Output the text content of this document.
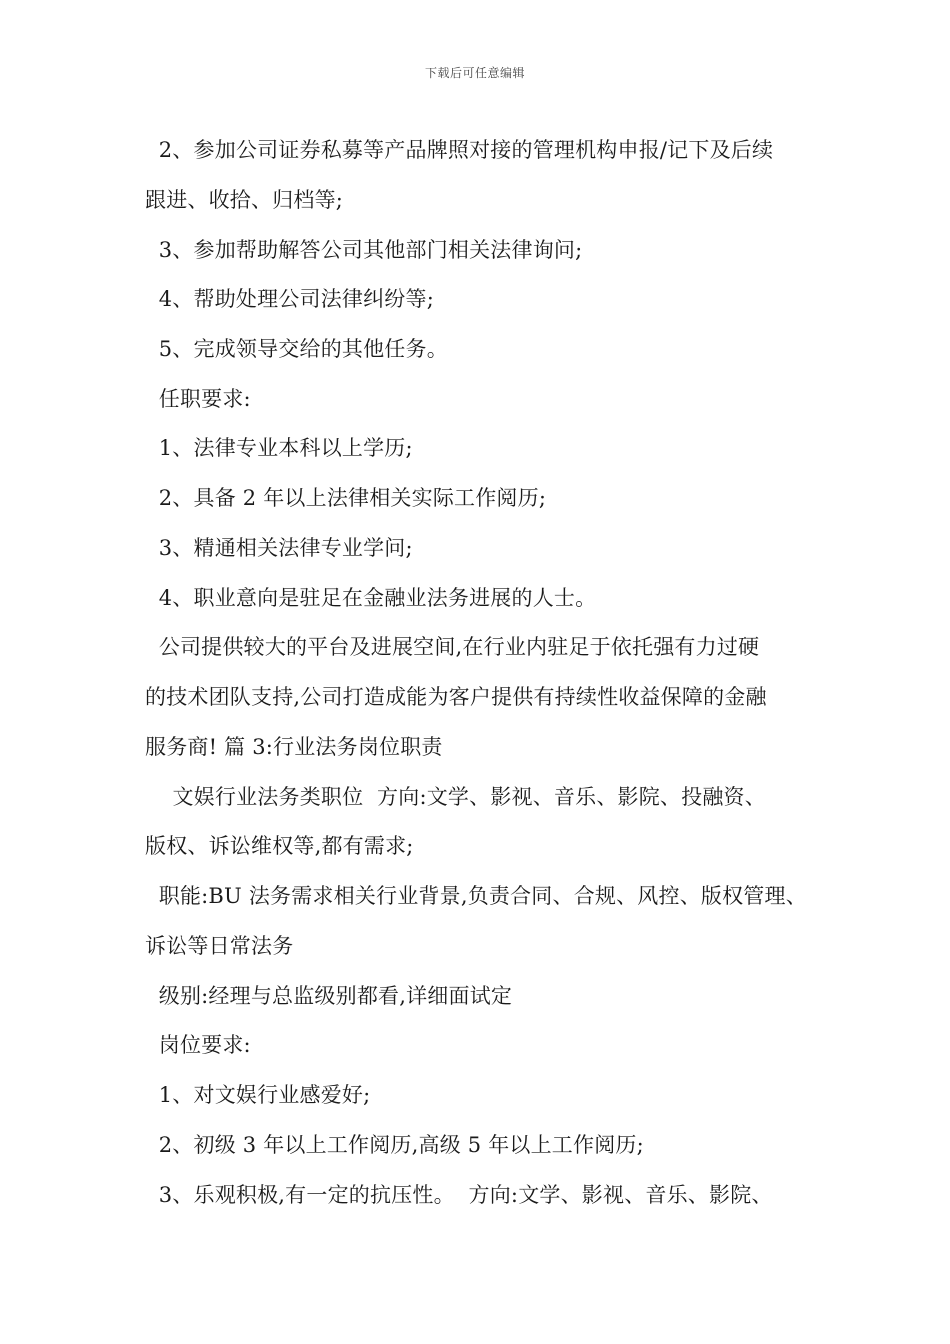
下载后可任意编辑
2、参加公司证券私募等产品牌照对接的管理机构申报/记下及后续
跟进、收拾、归档等;
3、参加帮助解答公司其他部门相关法律询问;
4、帮助处理公司法律纠纷等;
5、完成领导交给的其他任务。
任职要求:
1、法律专业本科以上学历;
2、具备 2 年以上法律相关实际工作阅历;
3、精通相关法律专业学问;
4、职业意向是驻足在金融业法务进展的人士。
公司提供较大的平台及进展空间,在行业内驻足于依托强有力过硬
的技术团队支持,公司打造成能为客户提供有持续性收益保障的金融
服务商! 篇 3:行业法务岗位职责
文娱行业法务类职位  方向:文学、影视、音乐、影院、投融资、
版权、诉讼维权等,都有需求;
职能:BU 法务需求相关行业背景,负责合同、合规、风控、版权管理、
诉讼等日常法务
级别:经理与总监级别都看,详细面试定
岗位要求:
1、对文娱行业感爱好;
2、初级 3 年以上工作阅历,高级 5 年以上工作阅历;
3、乐观积极,有一定的抗压性。  方向:文学、影视、音乐、影院、
